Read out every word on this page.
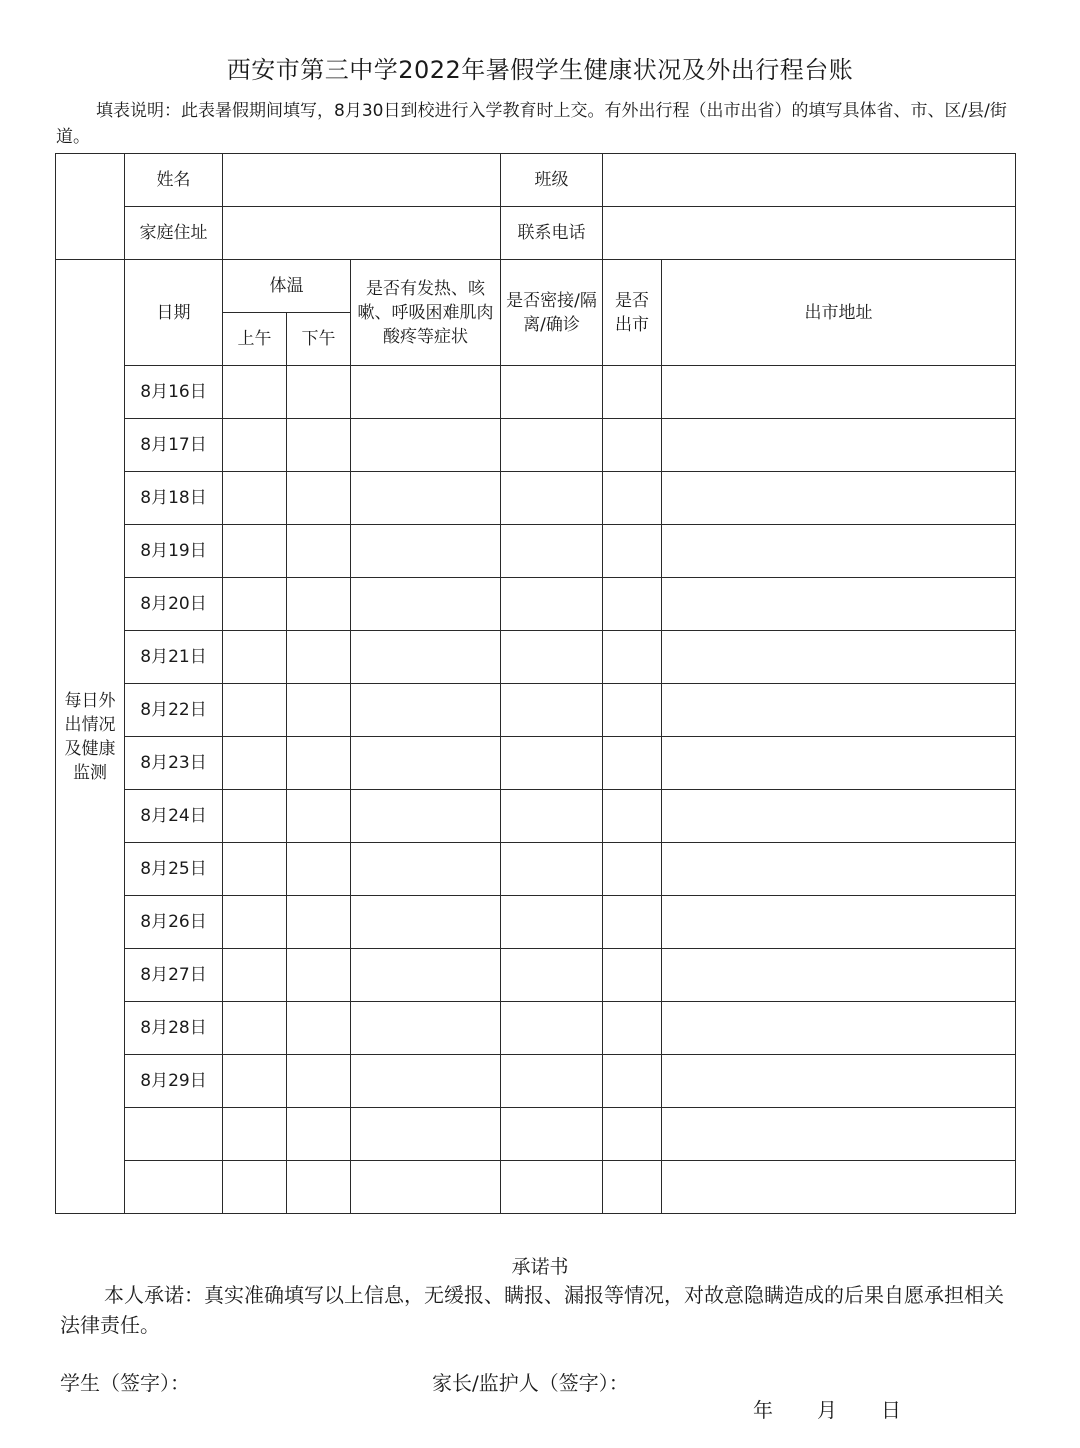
西安市第三中学2022年暑假学生健康状况及外出行程台账
填表说明：此表暑假期间填写，8月30日到校进行入学教育时上交。有外出行程（出市出省）的填写具体省、市、区/县/街道。
	姓名				班级		
	家庭住址				联系电话		
每日外出情况及健康监测	日期	体温		是否有发热、咳嗽、呼吸困难肌肉酸疼等症状	是否密接/隔离/确诊	是否出市	出市地址
		上午	下午				
	8月16日						
	8月17日						
	8月18日						
	8月19日						
	8月20日						
	8月21日						
	8月22日						
	8月23日						
	8月24日						
	8月25日						
	8月26日						
	8月27日						
	8月28日						
	8月29日						

承诺书
本人承诺：真实准确填写以上信息，无缓报、瞒报、漏报等情况，对故意隐瞒造成的后果自愿承担相关法律责任。
学生（签字）：	家长/监护人（签字）：
年 月 日
